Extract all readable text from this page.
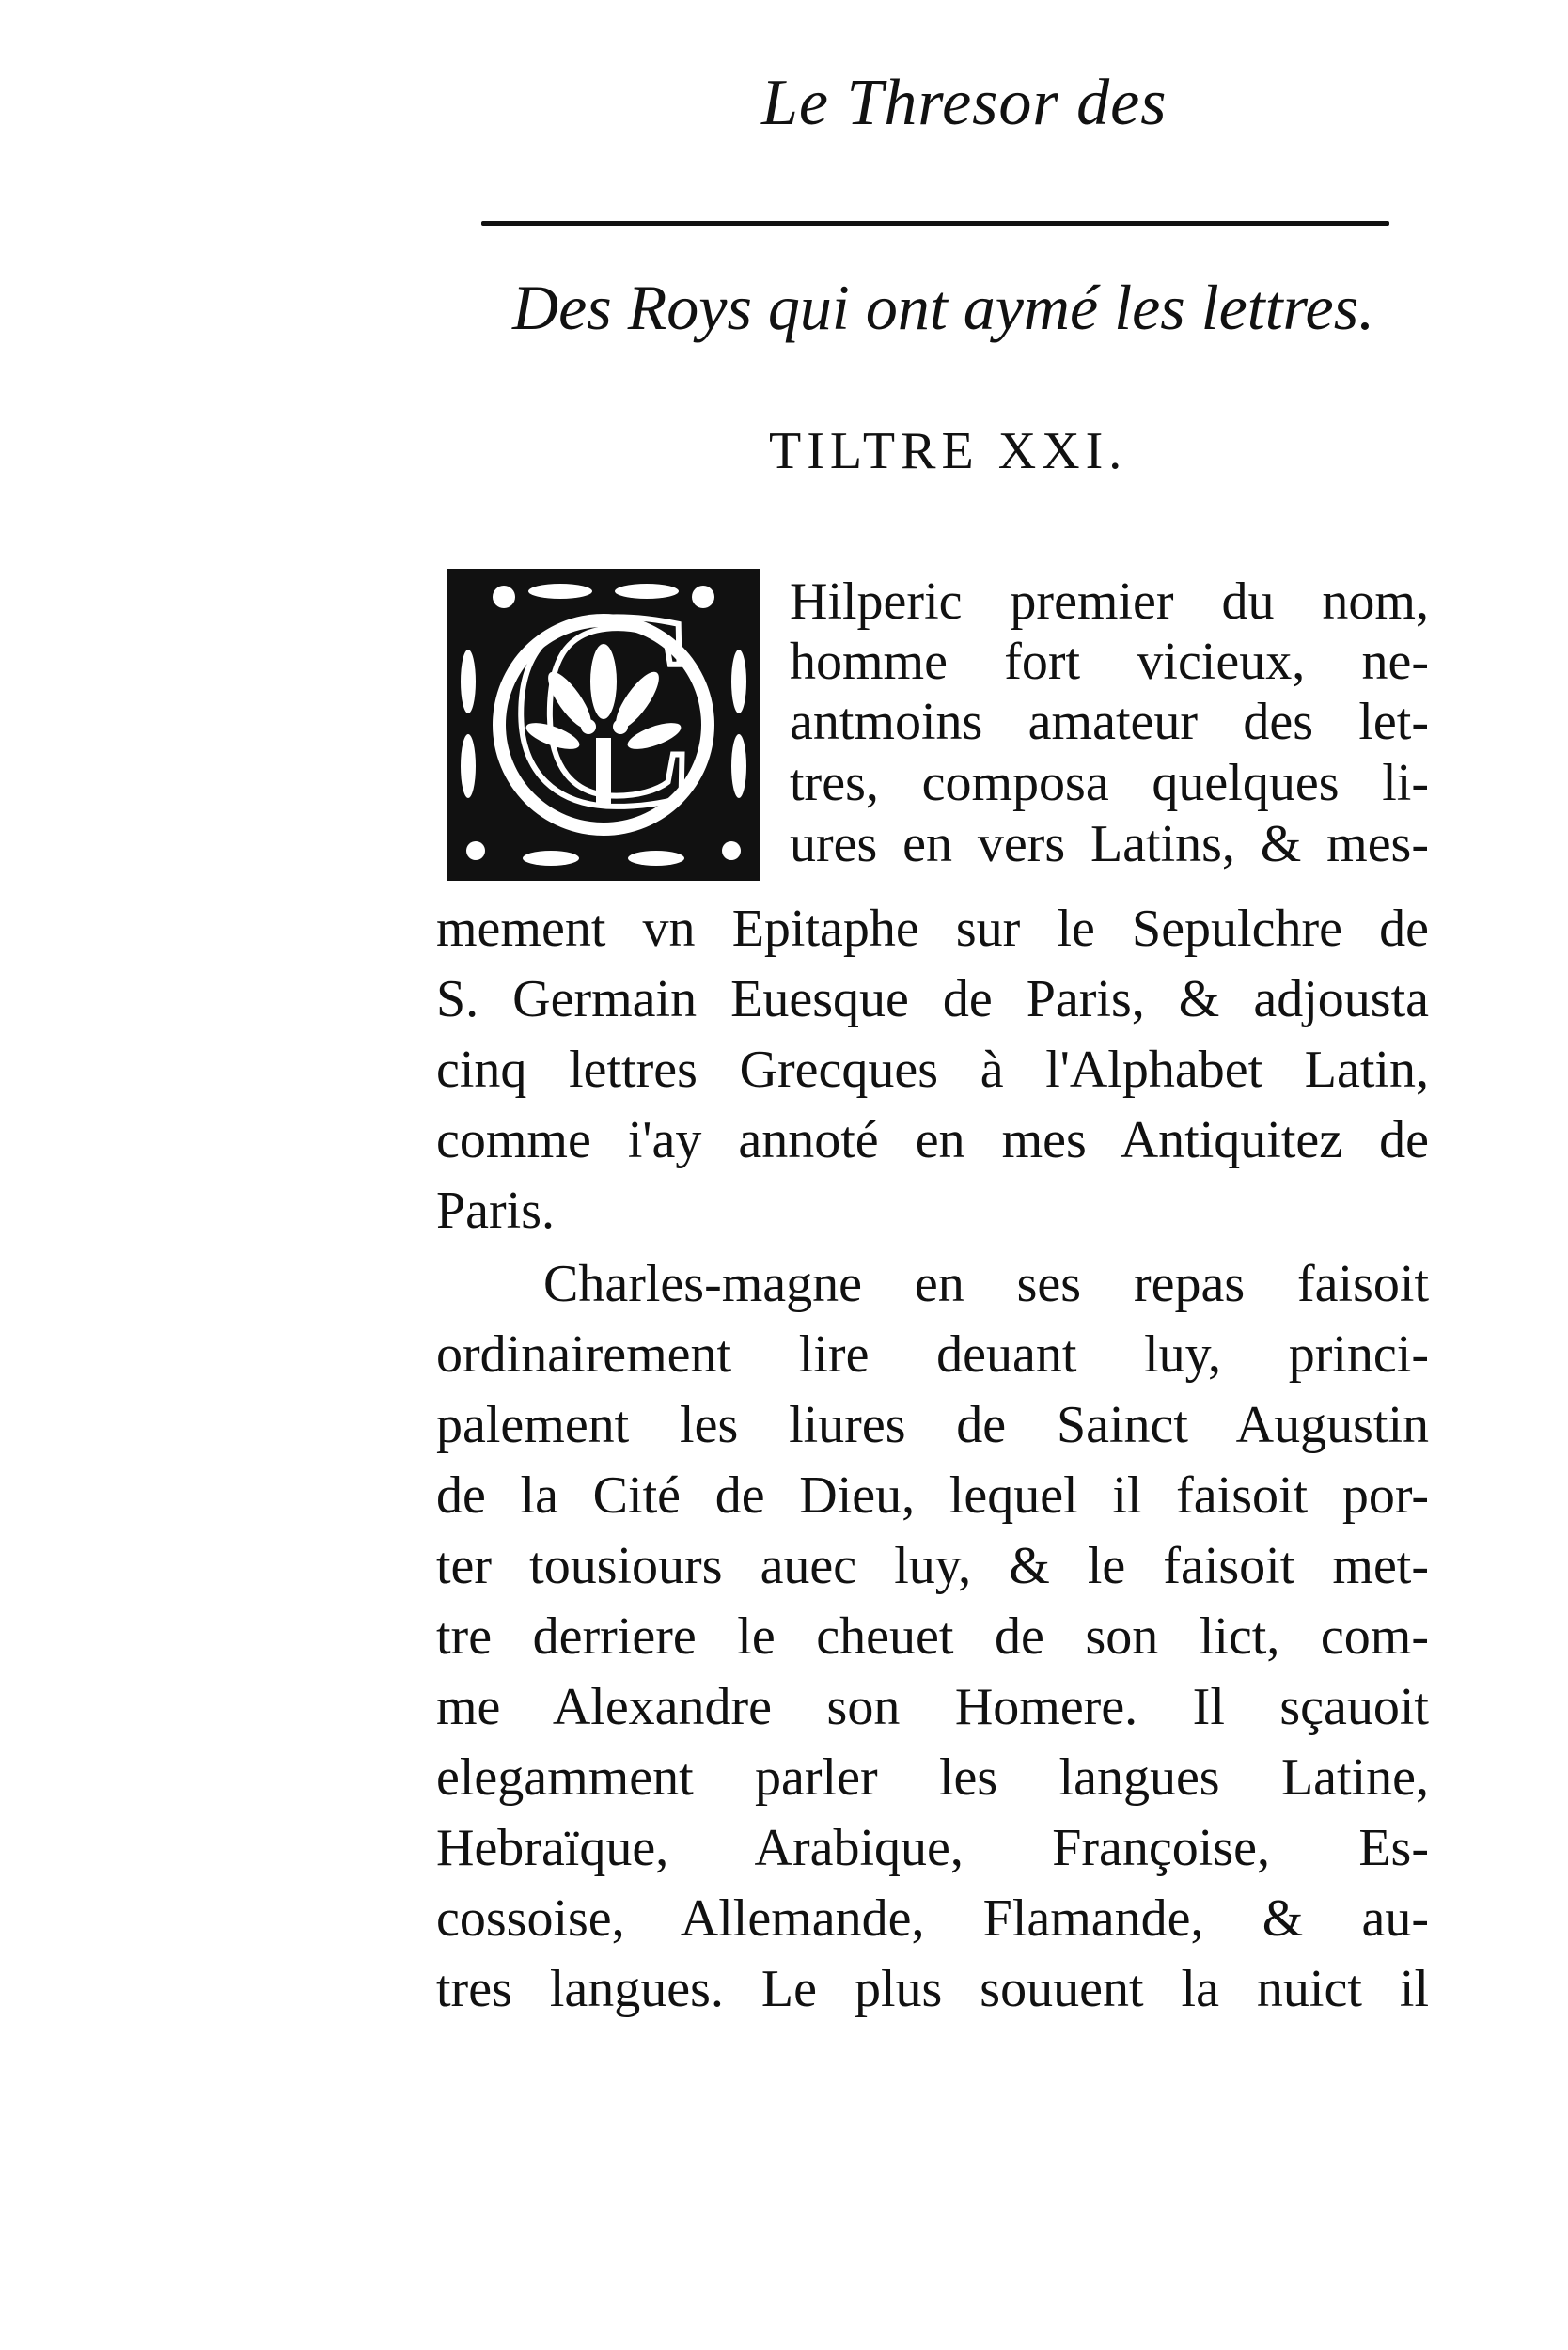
Le Thresor des
Des Roys qui ont aymé les lettres.
TILTRE XXI.
C Hilperic premier du nom,
homme fort vicieux, ne-
antmoins amateur des let-
tres, composa quelques li-
ures en vers Latins, & mes-
mement vn Epitaphe sur le Sepulchre de
S. Germain Euesque de Paris, & adjousta
cinq lettres Grecques à l'Alphabet Latin,
comme i'ay annoté en mes Antiquitez de
Paris.
Charles-magne en ses repas faisoit
ordinairement lire deuant luy, princi-
palement les liures de Sainct Augustin
de la Cité de Dieu, lequel il faisoit por-
ter tousiours auec luy, & le faisoit met-
tre derriere le cheuet de son lict, com-
me Alexandre son Homere. Il sçauoit
elegamment parler les langues Latine,
Hebraïque, Arabique, Françoise, Es-
cossoise, Allemande, Flamande, & au-
tres langues. Le plus souuent la nuict il
